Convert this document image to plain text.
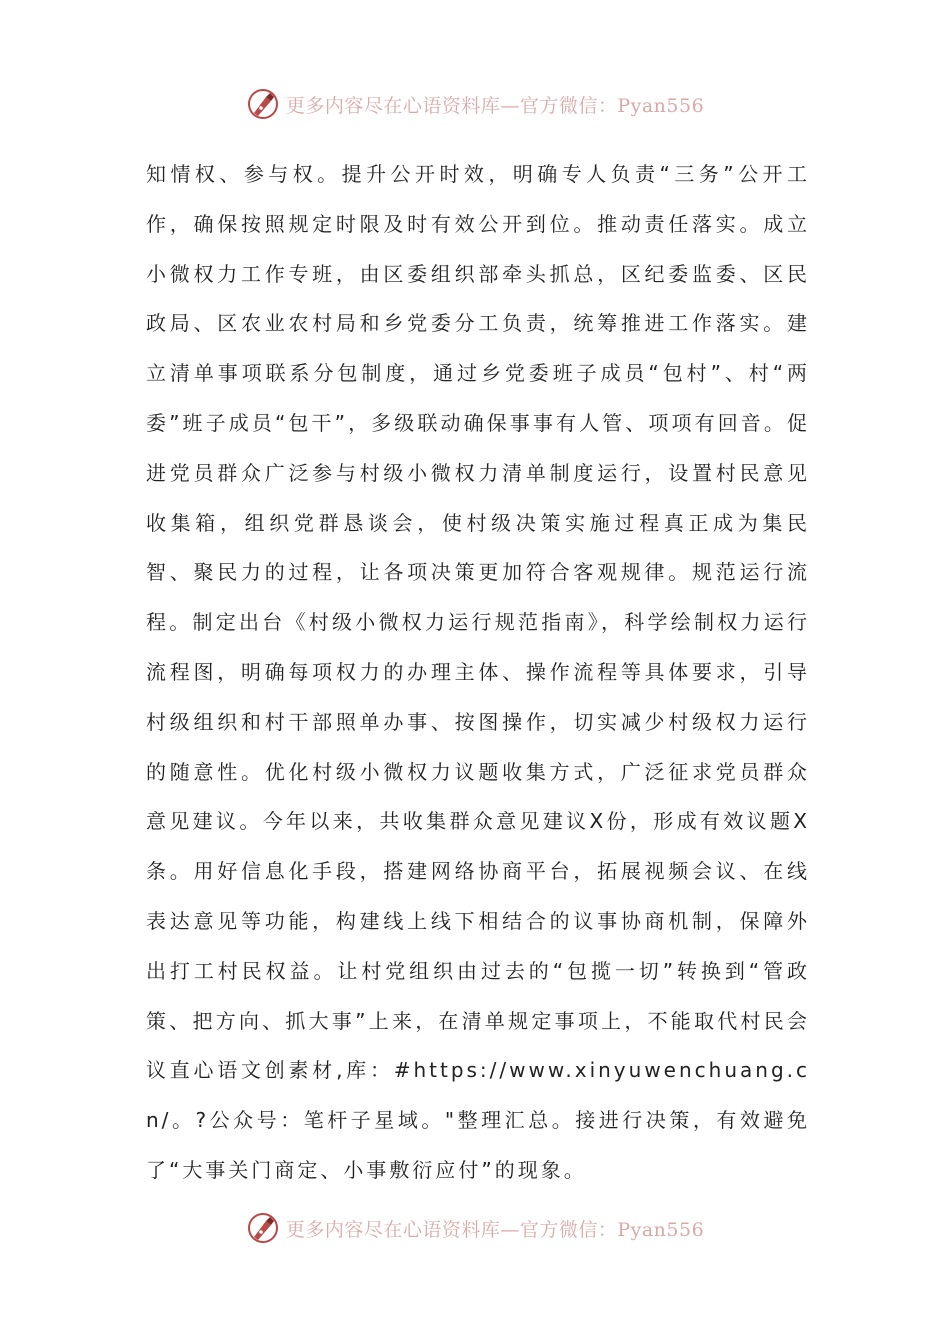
更多内容尽在心语资料库—官方微信：Pyan556

知情权、参与权。提升公开时效，明确专人负责“三务”公开工作，确保按照规定时限及时有效公开到位。推动责任落实。成立小微权力工作专班，由区委组织部牵头抓总，区纪委监委、区民政局、区农业农村局和乡党委分工负责，统筹推进工作落实。建立清单事项联系分包制度，通过乡党委班子成员“包村”、村“两委”班子成员“包干”，多级联动确保事事有人管、项项有回音。促进党员群众广泛参与村级小微权力清单制度运行，设置村民意见收集箱，组织党群恳谈会，使村级决策实施过程真正成为集民智、聚民力的过程，让各项决策更加符合客观规律。规范运行流程。制定出台《村级小微权力运行规范指南》，科学绘制权力运行流程图，明确每项权力的办理主体、操作流程等具体要求，引导村级组织和村干部照单办事、按图操作，切实减少村级权力运行的随意性。优化村级小微权力议题收集方式，广泛征求党员群众意见建议。今年以来，共收集群众意见建议X份，形成有效议题X条。用好信息化手段，搭建网络协商平台，拓展视频会议、在线表达意见等功能，构建线上线下相结合的议事协商机制，保障外出打工村民权益。让村党组织由过去的“包揽一切”转换到“管政策、把方向、抓大事”上来，在清单规定事项上，不能取代村民会议直心语文创素材,库：#https://www.xinyuwenchuang.cn/。?公众号：笔杆子星域。"整理汇总。接进行决策，有效避免了“大事关门商定、小事敷衍应付”的现象。

更多内容尽在心语资料库—官方微信：Pyan556
